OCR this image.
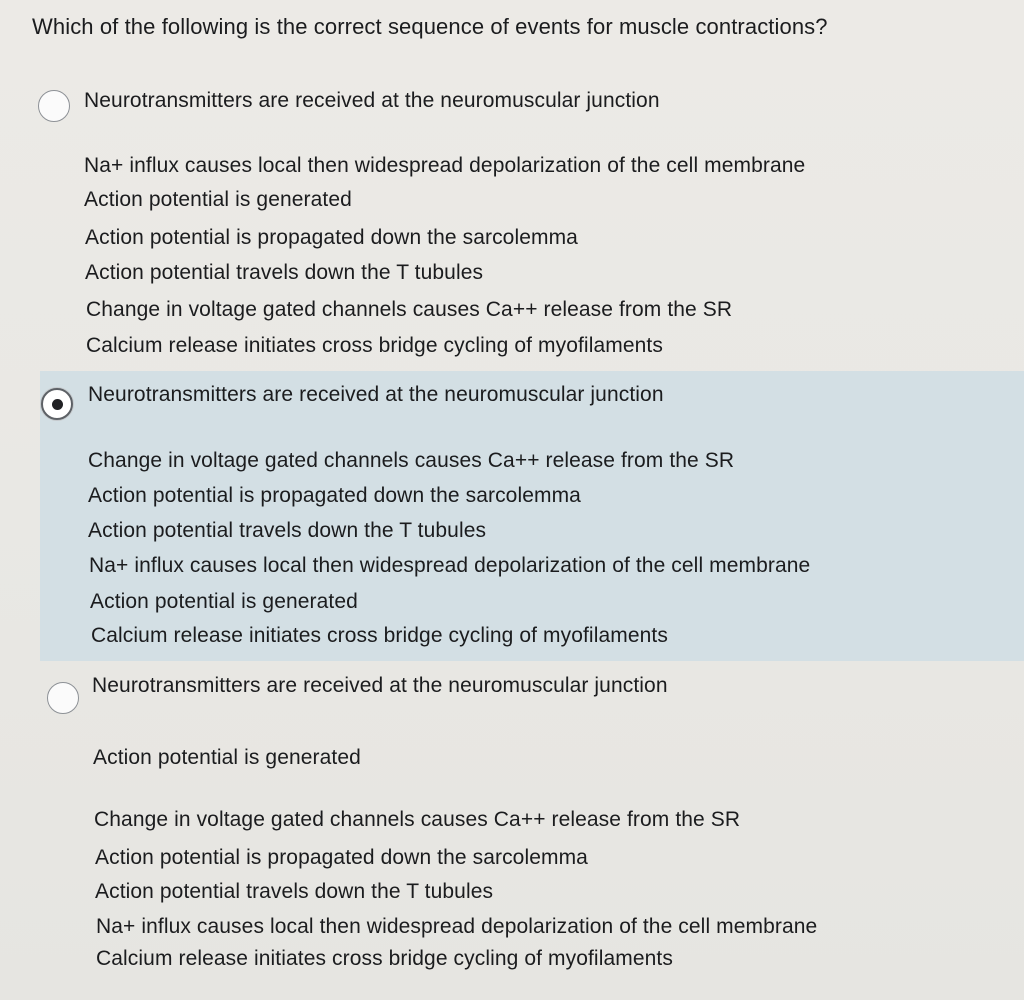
Which of the following is the correct sequence of events for muscle contractions?
Neurotransmitters are received at the neuromuscular junction
Na+ influx causes local then widespread depolarization of the cell membrane
Action potential is generated
Action potential is propagated down the sarcolemma
Action potential travels down the T tubules
Change in voltage gated channels causes Ca++ release from the SR
Calcium release initiates cross bridge cycling of myofilaments
Neurotransmitters are received at the neuromuscular junction
Change in voltage gated channels causes Ca++ release from the SR
Action potential is propagated down the sarcolemma
Action potential travels down the T tubules
Na+ influx causes local then widespread depolarization of the cell membrane
Action potential is generated
Calcium release initiates cross bridge cycling of myofilaments
Neurotransmitters are received at the neuromuscular junction
Action potential is generated
Change in voltage gated channels causes Ca++ release from the SR
Action potential is propagated down the sarcolemma
Action potential travels down the T tubules
Na+ influx causes local then widespread depolarization of the cell membrane
Calcium release initiates cross bridge cycling of myofilaments
